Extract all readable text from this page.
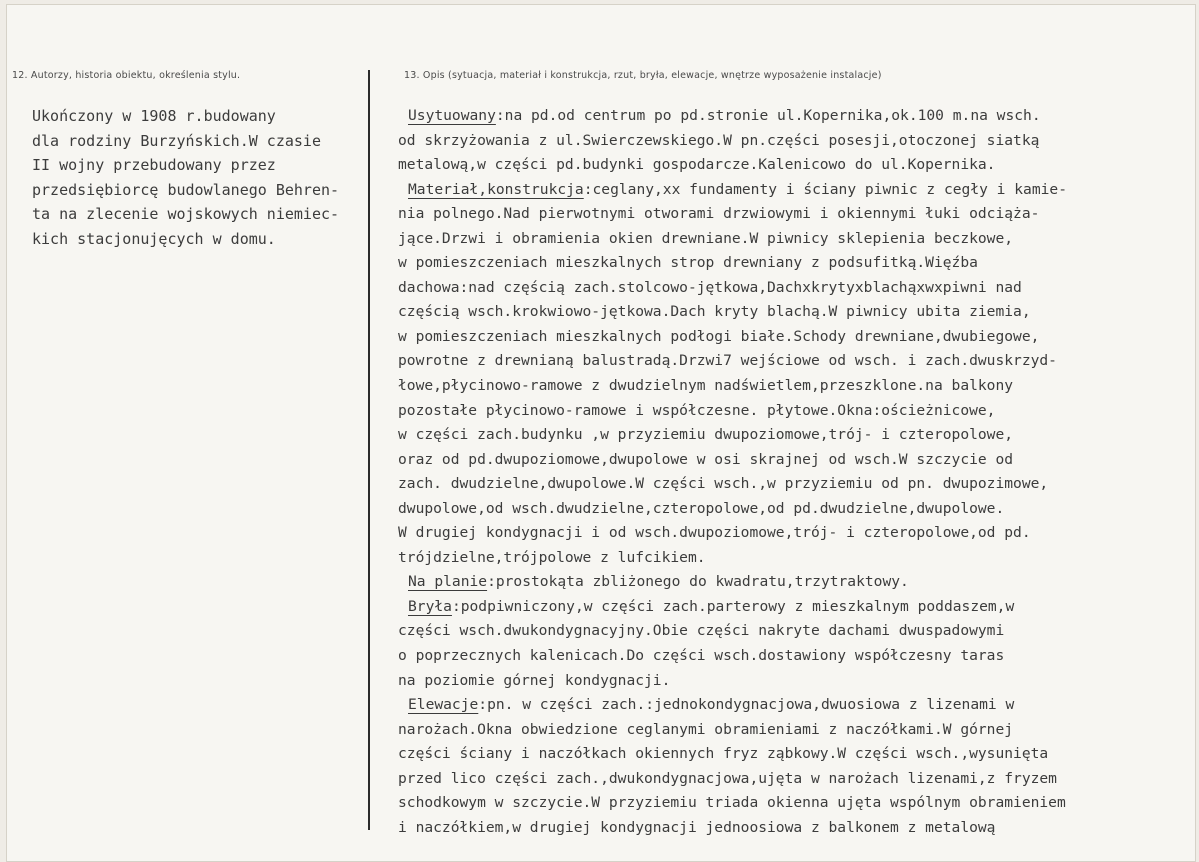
12. Autorzy, historia obiektu, określenia stylu.	13. Opis (sytuacja, materiał i konstrukcja, rzut, bryła, elewacje, wnętrze wyposażenie instalacje)
Ukończony w 1908 r.budowany
dla rodziny Burzyńskich.W czasie
II wojny przebudowany przez
przedsiębiorcę budowlanego Behren-
ta na zlecenie wojskowych niemiec-
kich stacjonujęcych w domu.
Usytuowany:na pd.od centrum po pd.stronie ul.Kopernika,ok.100 m.na wsch.
od skrzyżowania z ul.Swierczewskiego.W pn.części posesji,otoczonej siatką
metalową,w części pd.budynki gospodarcze.Kalenicowo do ul.Kopernika.
Materiał,konstrukcja:ceglany,xx fundamenty i ściany piwnic z cegły i kamie-
nia polnego.Nad pierwotnymi otworami drzwiowymi i okiennymi łuki odciąża-
jące.Drzwi i obramienia okien drewniane.W piwnicy sklepienia beczkowe,
w pomieszczeniach mieszkalnych strop drewniany z podsufitką.Więźba
dachowa:nad częścią zach.stolcowo-jętkowa,Dachxkrytyxblachąxwxpiwni nad
częścią wsch.krokwiowo-jętkowa.Dach kryty blachą.W piwnicy ubita ziemia,
w pomieszczeniach mieszkalnych podłogi białe.Schody drewniane,dwubiegowe,
powrotne z drewnianą balustradą.Drzwi7 wejściowe od wsch. i zach.dwuskrzyd-
łowe,płycinowo-ramowe z dwudzielnym nadświetlem,przeszklone.na balkony
pozostałe płycinowo-ramowe i współczesne. płytowe.Okna:ościeżnicowe,
w części zach.budynku ,w przyziemiu dwupoziomowe,trój- i czteropolowe,
oraz od pd.dwupoziomowe,dwupolowe w osi skrajnej od wsch.W szczycie od
zach. dwudzielne,dwupolowe.W części wsch.,w przyziemiu od pn. dwupozimowe,
dwupolowe,od wsch.dwudzielne,czteropolowe,od pd.dwudzielne,dwupolowe.
W drugiej kondygnacji i od wsch.dwupoziomowe,trój- i czteropolowe,od pd.
trójdzielne,trójpolowe z lufcikiem.
Na planie:prostokąta zbliżonego do kwadratu,trzytraktowy.
Bryła:podpiwniczony,w części zach.parterowy z mieszkalnym poddaszem,w
części wsch.dwukondygnacyjny.Obie części nakryte dachami dwuspadowymi
o poprzecznych kalenicach.Do części wsch.dostawiony współczesny taras
na poziomie górnej kondygnacji.
Elewacje:pn. w części zach.:jednokondygnacjowa,dwuosiowa z lizenami w
narożach.Okna obwiedzione ceglanymi obramieniami z naczółkami.W górnej
części ściany i naczółkach okiennych fryz ząbkowy.W części wsch.,wysunięta
przed lico części zach.,dwukondygnacjowa,ujęta w narożach lizenami,z fryzem
schodkowym w szczycie.W przyziemiu triada okienna ujęta wspólnym obramieniem
i naczółkiem,w drugiej kondygnacji jednoosiowa z balkonem z metalową
